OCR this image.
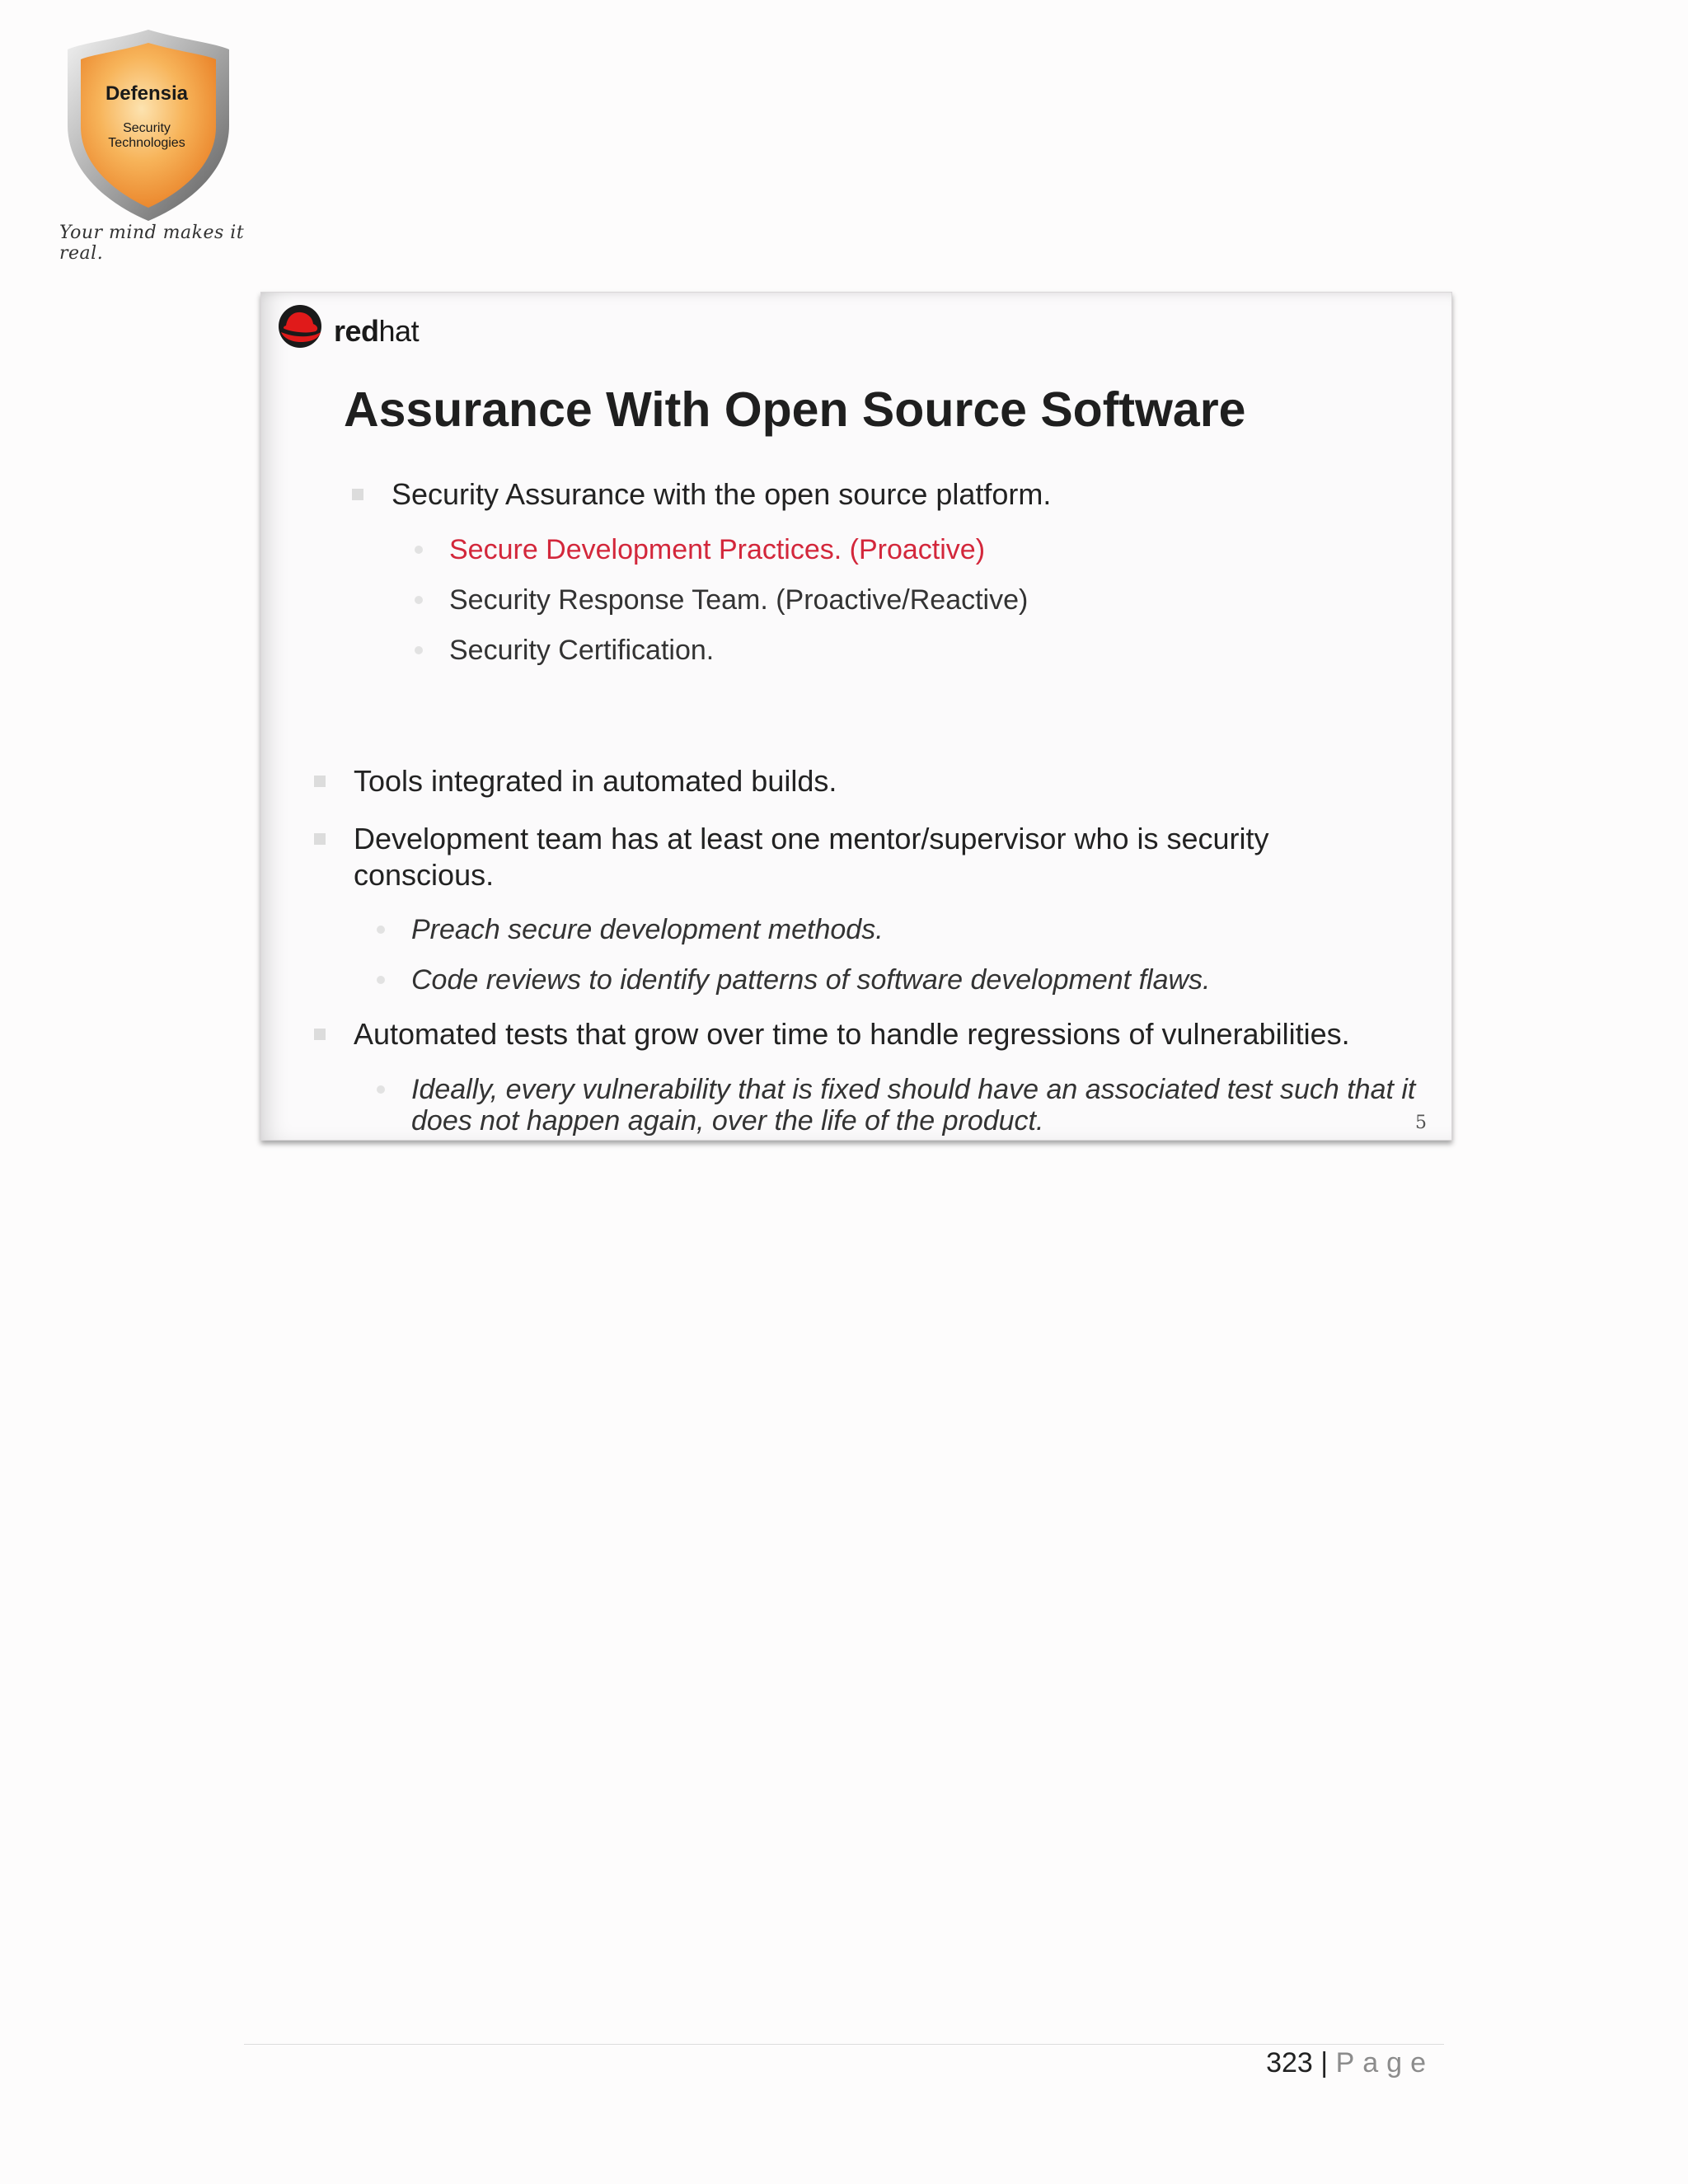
Defensia
Security
Technologies
Your mind makes it real.
redhat
Assurance With Open Source Software
Security Assurance with the open source platform.
Secure Development Practices. (Proactive)
Security Response Team. (Proactive/Reactive)
Security Certification.
Tools integrated in automated builds.
Development team has at least one mentor/supervisor who is security
conscious.
Preach secure development methods.
Code reviews to identify patterns of software development flaws.
Automated tests that grow over time to handle regressions of vulnerabilities.
Ideally, every vulnerability that is fixed should have an associated test such that it
does not happen again, over the life of the product.	5
323 | Page
